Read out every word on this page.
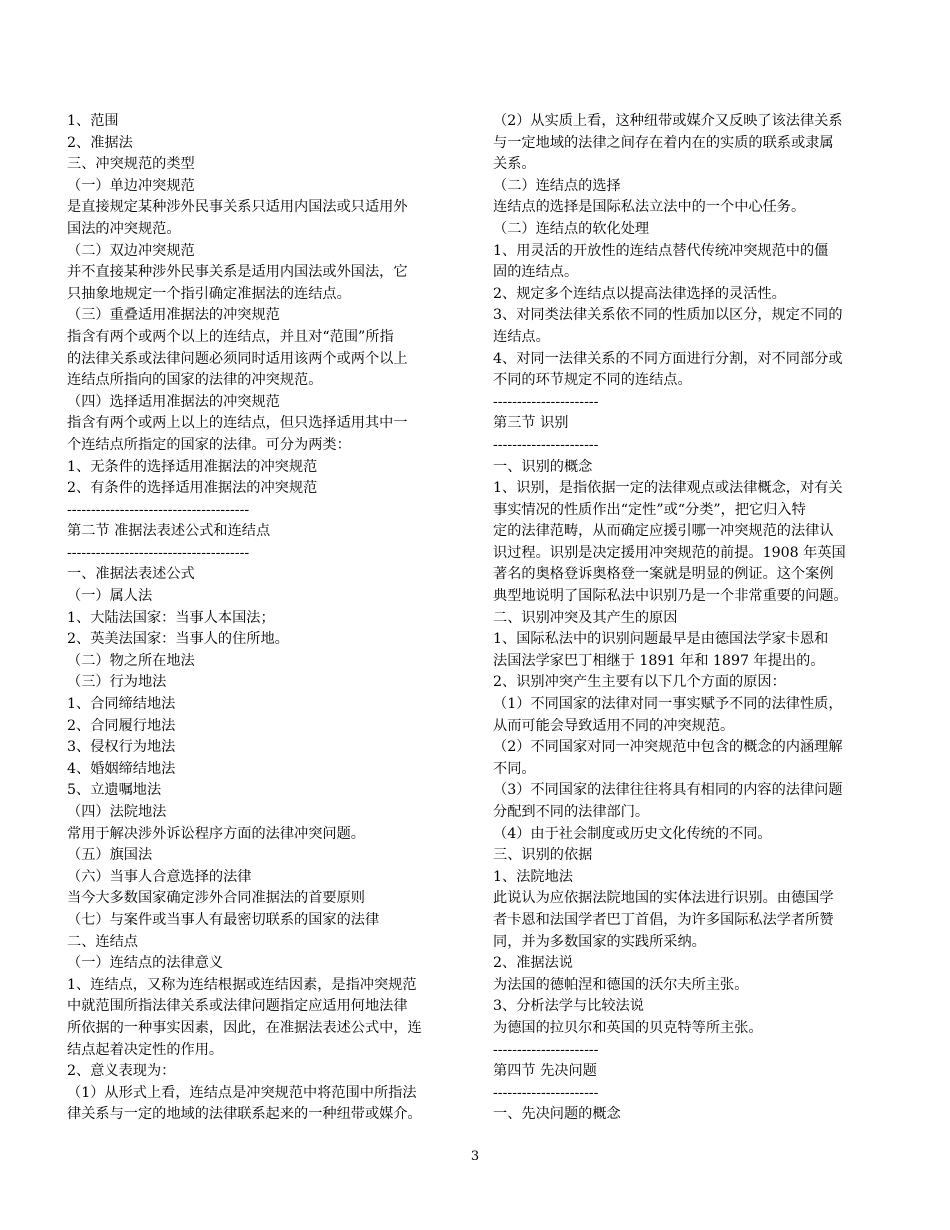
1、范围
2、准据法
三、冲突规范的类型
（一）单边冲突规范
是直接规定某种涉外民事关系只适用内国法或只适用外
国法的冲突规范。
（二）双边冲突规范
并不直接某种涉外民事关系是适用内国法或外国法，它
只抽象地规定一个指引确定准据法的连结点。
（三）重叠适用准据法的冲突规范
指含有两个或两个以上的连结点，并且对“范围”所指
的法律关系或法律问题必须同时适用该两个或两个以上
连结点所指向的国家的法律的冲突规范。
（四）选择适用准据法的冲突规范
指含有两个或两上以上的连结点，但只选择适用其中一
个连结点所指定的国家的法律。可分为两类：
1、无条件的选择适用准据法的冲突规范
2、有条件的选择适用准据法的冲突规范
--------------------------------------
第二节 准据法表述公式和连结点
--------------------------------------
一、准据法表述公式
（一）属人法
1、大陆法国家：当事人本国法；
2、英美法国家：当事人的住所地。
（二）物之所在地法
（三）行为地法
1、合同缔结地法
2、合同履行地法
3、侵权行为地法
4、婚姻缔结地法
5、立遗嘱地法
（四）法院地法
常用于解决涉外诉讼程序方面的法律冲突问题。
（五）旗国法
（六）当事人合意选择的法律
当今大多数国家确定涉外合同准据法的首要原则
（七）与案件或当事人有最密切联系的国家的法律
二、连结点
（一）连结点的法律意义
1、连结点，又称为连结根据或连结因素，是指冲突规范
中就范围所指法律关系或法律问题指定应适用何地法律
所依据的一种事实因素，因此，在准据法表述公式中，连
结点起着决定性的作用。
2、意义表现为：
（1）从形式上看，连结点是冲突规范中将范围中所指法
律关系与一定的地域的法律联系起来的一种纽带或媒介。
（2）从实质上看，这种纽带或媒介又反映了该法律关系
与一定地域的法律之间存在着内在的实质的联系或隶属
关系。
（二）连结点的选择
连结点的选择是国际私法立法中的一个中心任务。
（二）连结点的软化处理
1、用灵活的开放性的连结点替代传统冲突规范中的僵
固的连结点。
2、规定多个连结点以提高法律选择的灵活性。
3、对同类法律关系依不同的性质加以区分，规定不同的
连结点。
4、对同一法律关系的不同方面进行分割，对不同部分或
不同的环节规定不同的连结点。
----------------------
第三节 识别
----------------------
一、识别的概念
1、识别，是指依据一定的法律观点或法律概念，对有关
事实情况的性质作出“定性”或“分类”，把它归入特
定的法律范畴，从而确定应援引哪一冲突规范的法律认
识过程。识别是决定援用冲突规范的前提。1908 年英国
著名的奥格登诉奥格登一案就是明显的例证。这个案例
典型地说明了国际私法中识别乃是一个非常重要的问题。
二、识别冲突及其产生的原因
1、国际私法中的识别问题最早是由德国法学家卡恩和
法国法学家巴丁相继于 1891 年和 1897 年提出的。
2、识别冲突产生主要有以下几个方面的原因：
（1）不同国家的法律对同一事实赋予不同的法律性质，
从而可能会导致适用不同的冲突规范。
（2）不同国家对同一冲突规范中包含的概念的内涵理解
不同。
（3）不同国家的法律往往将具有相同的内容的法律问题
分配到不同的法律部门。
（4）由于社会制度或历史文化传统的不同。
三、识别的依据
1、法院地法
此说认为应依据法院地国的实体法进行识别。由德国学
者卡恩和法国学者巴丁首倡，为许多国际私法学者所赞
同，并为多数国家的实践所采纳。
2、准据法说
为法国的德帕涅和德国的沃尔夫所主张。
3、分析法学与比较法说
为德国的拉贝尔和英国的贝克特等所主张。
----------------------
第四节 先决问题
----------------------
一、先决问题的概念
3
